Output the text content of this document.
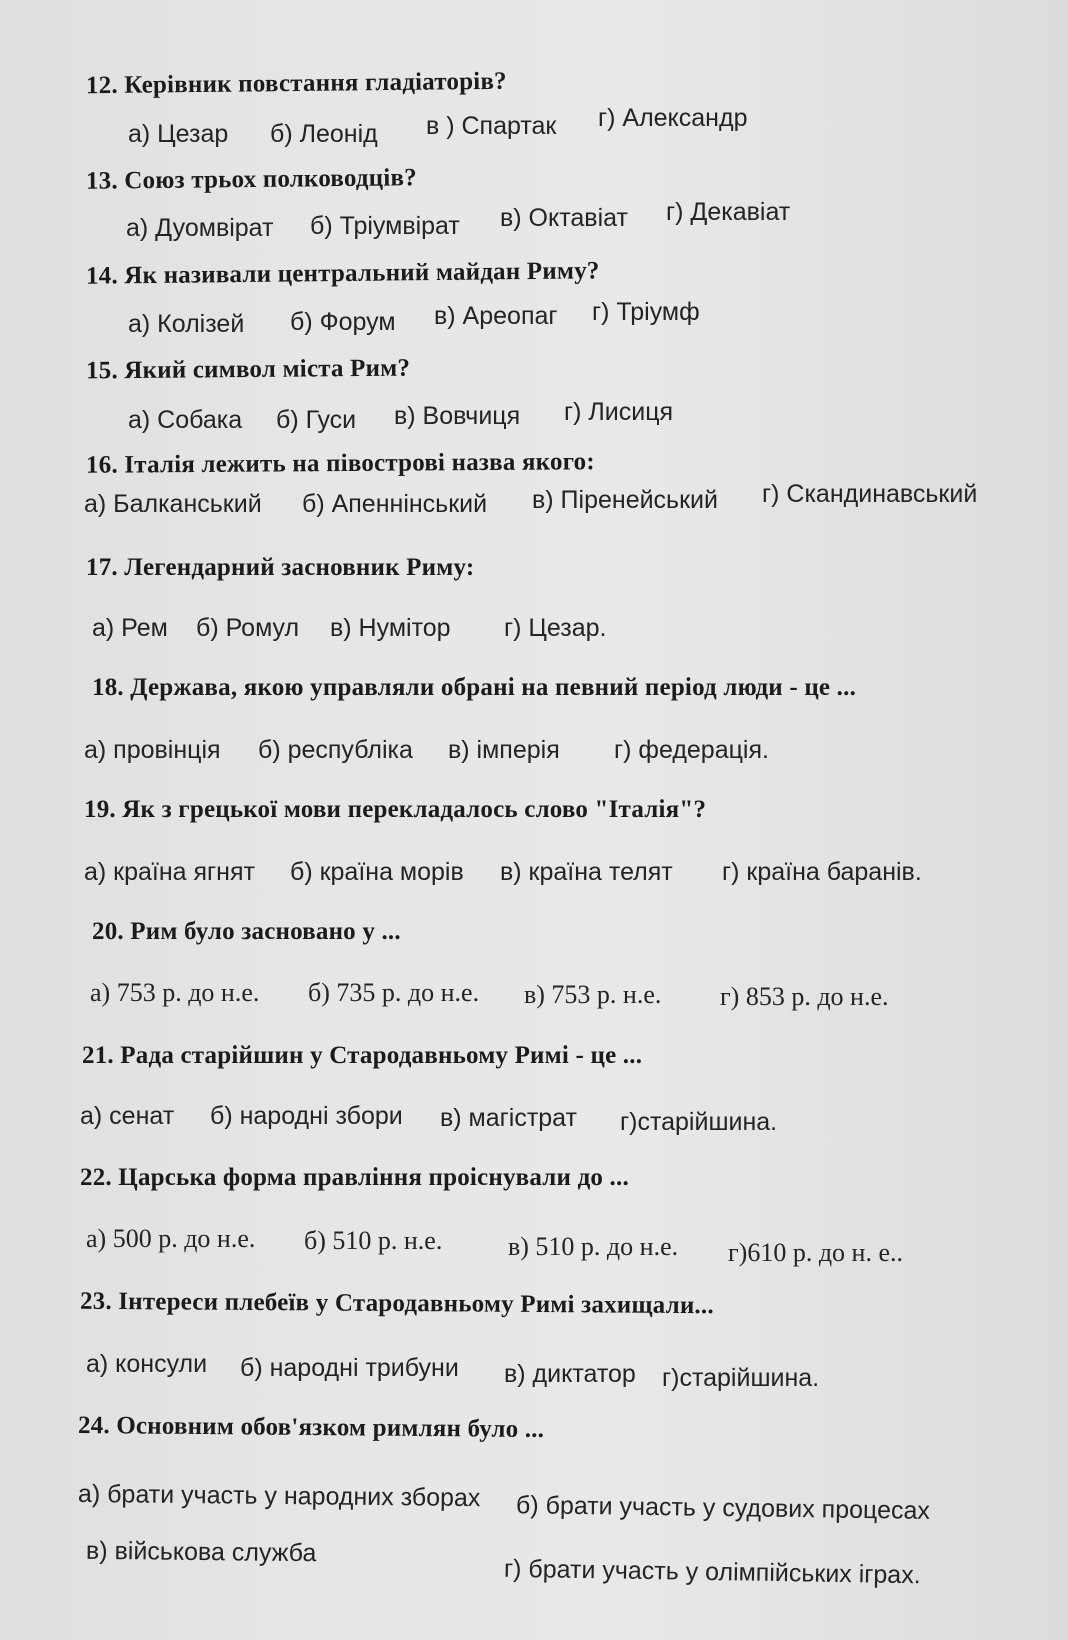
12. Керівник повстання гладіаторів?
а) Цезар б) Леонід в ) Спартак г) Александр
13. Союз трьох полководців?
а) Дуомвірат б) Тріумвірат в) Октавіат г) Декавіат
14. Як називали центральний майдан Риму?
а) Колізей б) Форум в) Ареопаг г) Тріумф
15. Який символ міста Рим?
а) Собака б) Гуси в) Вовчиця г) Лисиця
16. Італія лежить на півострові назва якого:
а) Балканський б) Апеннінський в) Піренейський г) Скандинавський
17. Легендарний засновник Риму:
а) Рем б) Ромул в) Нумітор г) Цезар.
18. Держава, якою управляли обрані на певний період люди - це ...
а) провінція б) республіка в) імперія г) федерація.
19. Як з грецької мови перекладалось слово "Італія"?
а) країна ягнят б) країна морів в) країна телят г) країна баранів.
20. Рим було засновано у ...
а) 753 р. до н.е. б) 735 р. до н.е. в) 753 р. н.е. г) 853 р. до н.е.
21. Рада старійшин у Стародавньому Римі - це ...
а) сенат б) народні збори в) магістрат г)старійшина.
22. Царська форма правління проіснували до ...
а) 500 р. до н.е. б) 510 р. н.е.	в) 510 р. до н.е. г)610 р. до н. е..
23. Інтереси плебеїв у Стародавньому Римі захищали...
а) консули б) народні трибуни в) диктатор г)старійшина.
24. Основним обов'язком римлян було ...
а) брати участь у народних зборах б) брати участь у судових процесах
в) військова служба
г) брати участь у олімпійських іграх.
